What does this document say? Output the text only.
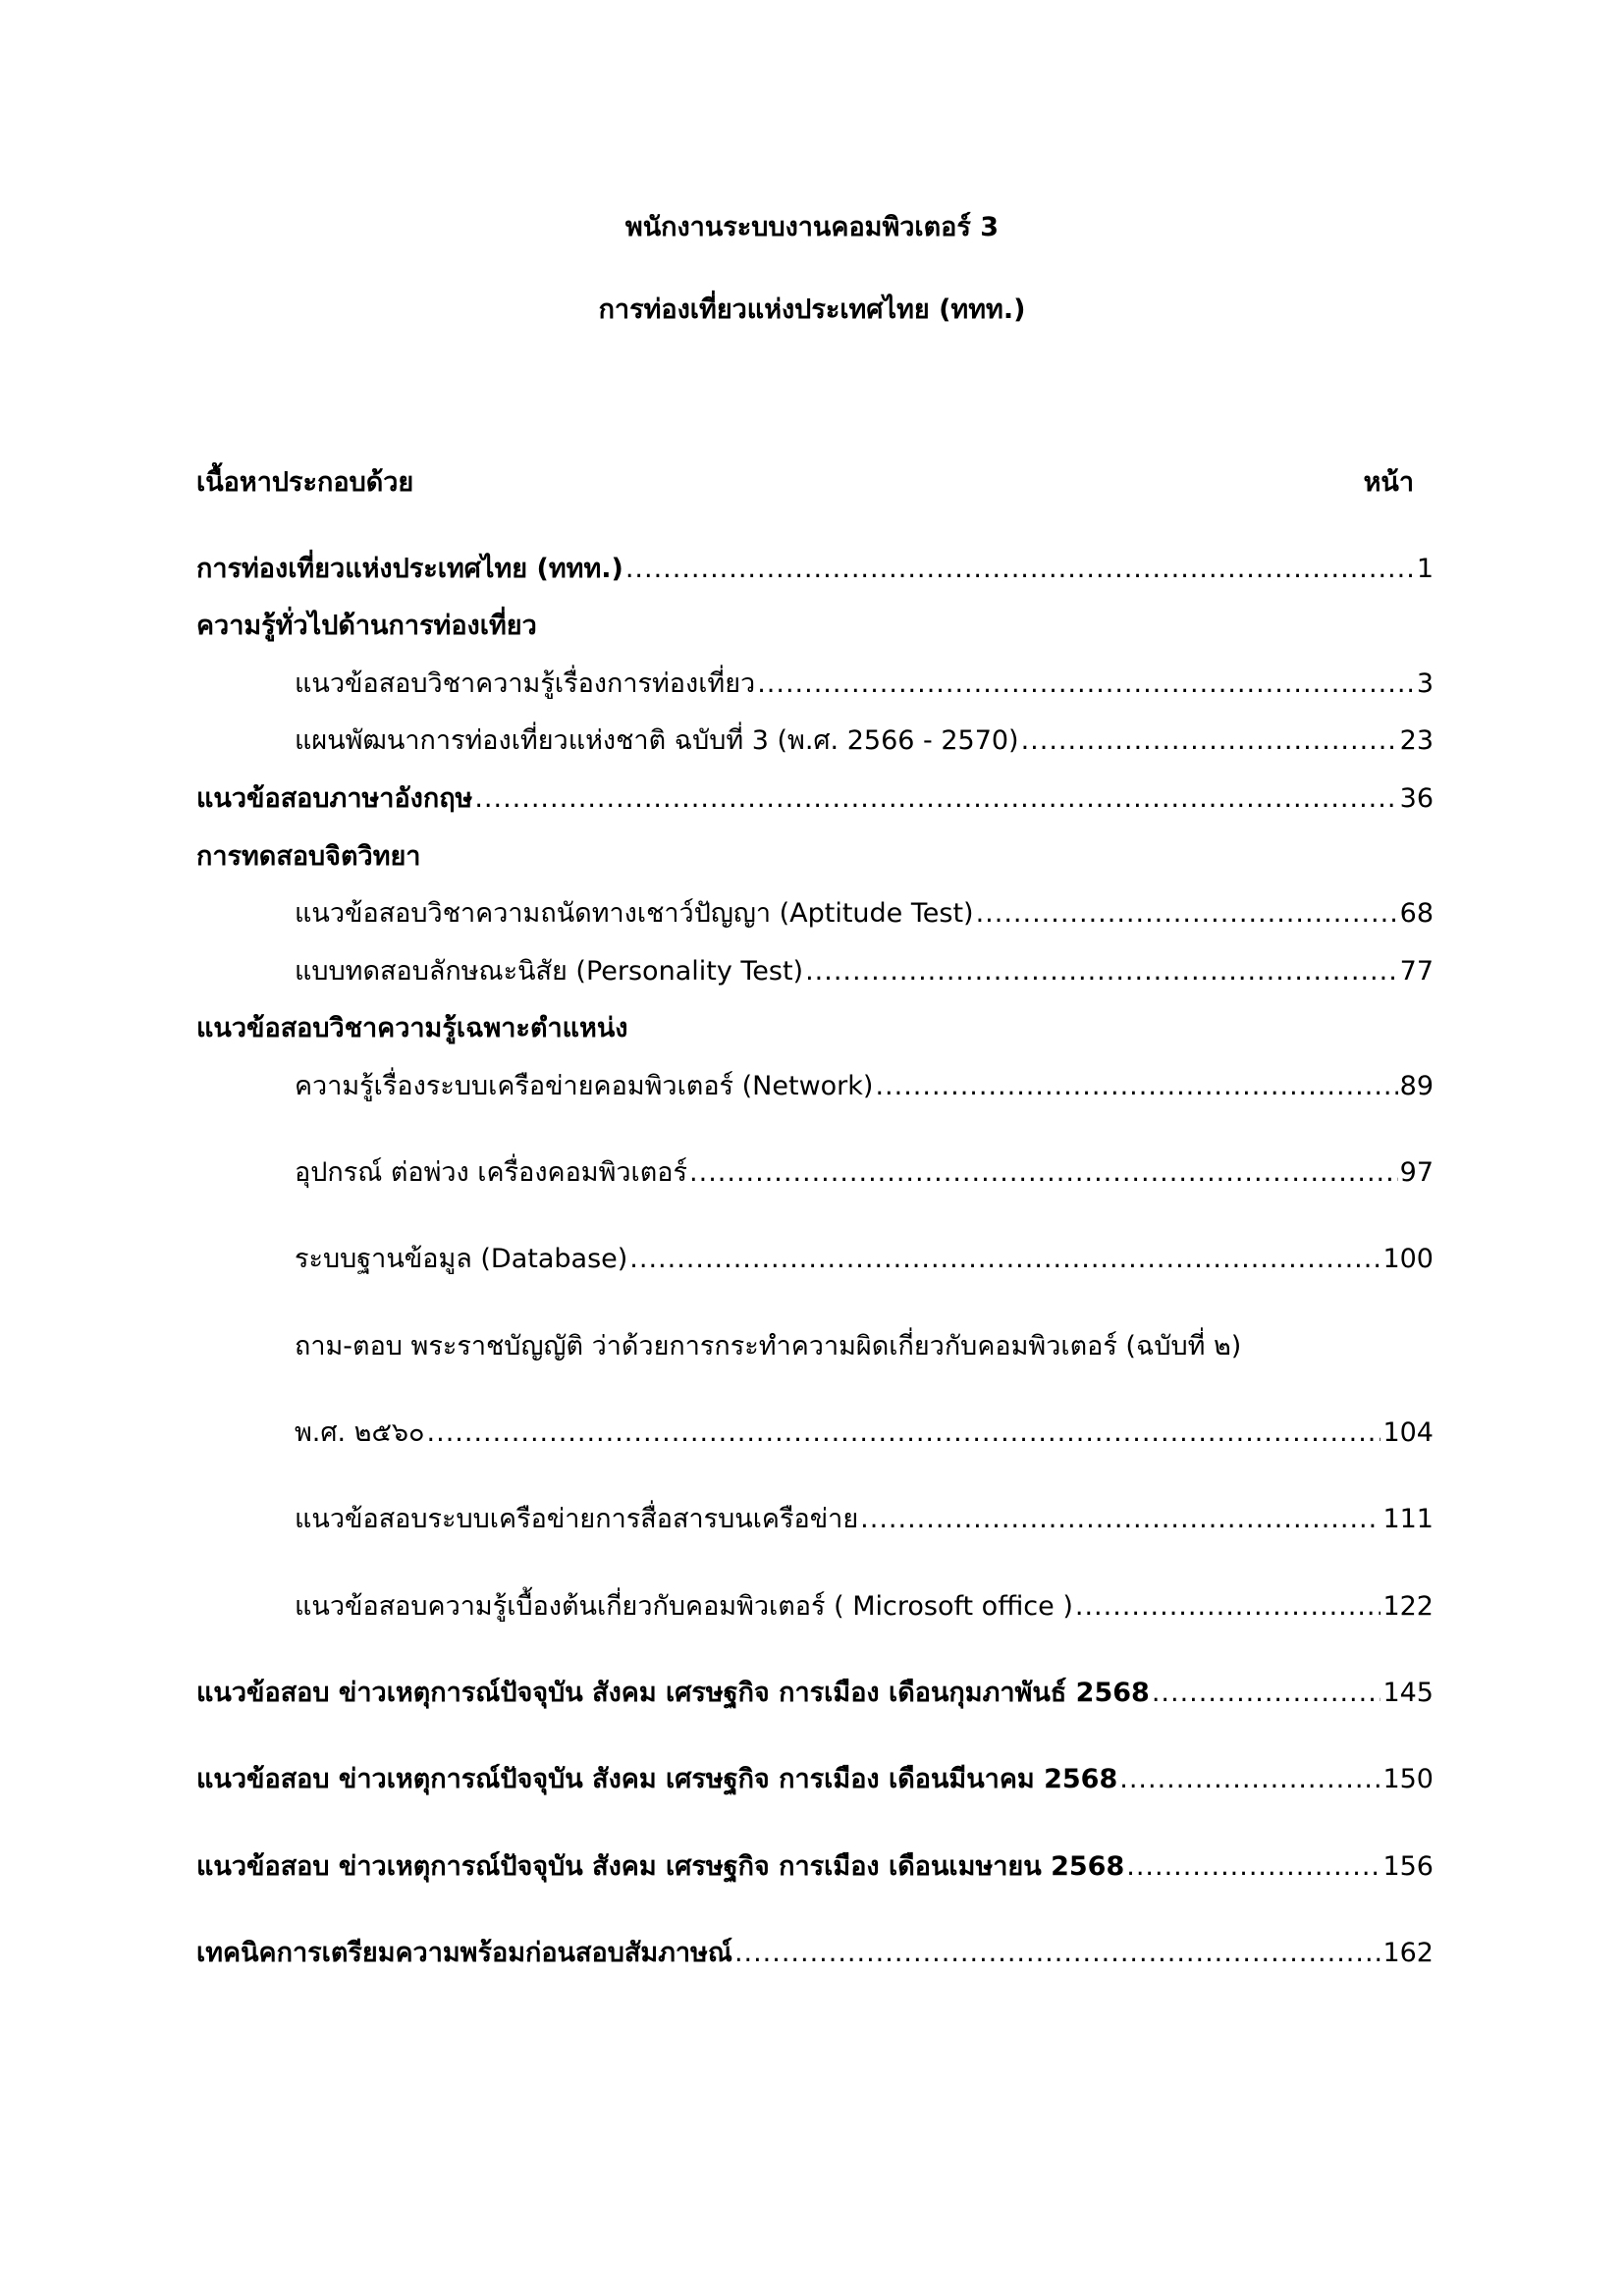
พนักงานระบบงานคอมพิวเตอร์ 3
การท่องเที่ยวแห่งประเทศไทย (ททท.)
เนื้อหาประกอบด้วย	หน้า
การท่องเที่ยวแห่งประเทศไทย (ททท.) .....	1
ความรู้ทั่วไปด้านการท่องเที่ยว
แนวข้อสอบวิชาความรู้เรื่องการท่องเที่ยว .....	3
แผนพัฒนาการท่องเที่ยวแห่งชาติ ฉบับที่ 3 (พ.ศ. 2566 - 2570) .....	23
แนวข้อสอบภาษาอังกฤษ .....	36
การทดสอบจิตวิทยา
แนวข้อสอบวิชาความถนัดทางเชาว์ปัญญา (Aptitude Test) .....	68
แบบทดสอบลักษณะนิสัย (Personality Test) .....	77
แนวข้อสอบวิชาความรู้เฉพาะตำแหน่ง
ความรู้เรื่องระบบเครือข่ายคอมพิวเตอร์ (Network) .....	89
อุปกรณ์ ต่อพ่วง เครื่องคอมพิวเตอร์ .....	97
ระบบฐานข้อมูล (Database) .....	100
ถาม-ตอบ พระราชบัญญัติ ว่าด้วยการกระทำความผิดเกี่ยวกับคอมพิวเตอร์ (ฉบับที่ ๒)
พ.ศ. ๒๕๖๐ .....	104
แนวข้อสอบระบบเครือข่ายการสื่อสารบนเครือข่าย .....	111
แนวข้อสอบความรู้เบื้องต้นเกี่ยวกับคอมพิวเตอร์ ( Microsoft office ) .....	122
แนวข้อสอบ ข่าวเหตุการณ์ปัจจุบัน สังคม เศรษฐกิจ การเมือง เดือนกุมภาพันธ์ 2568 .....	145
แนวข้อสอบ ข่าวเหตุการณ์ปัจจุบัน สังคม เศรษฐกิจ การเมือง เดือนมีนาคม 2568 .....	150
แนวข้อสอบ ข่าวเหตุการณ์ปัจจุบัน สังคม เศรษฐกิจ การเมือง เดือนเมษายน 2568 .....	156
เทคนิคการเตรียมความพร้อมก่อนสอบสัมภาษณ์ .....	162
